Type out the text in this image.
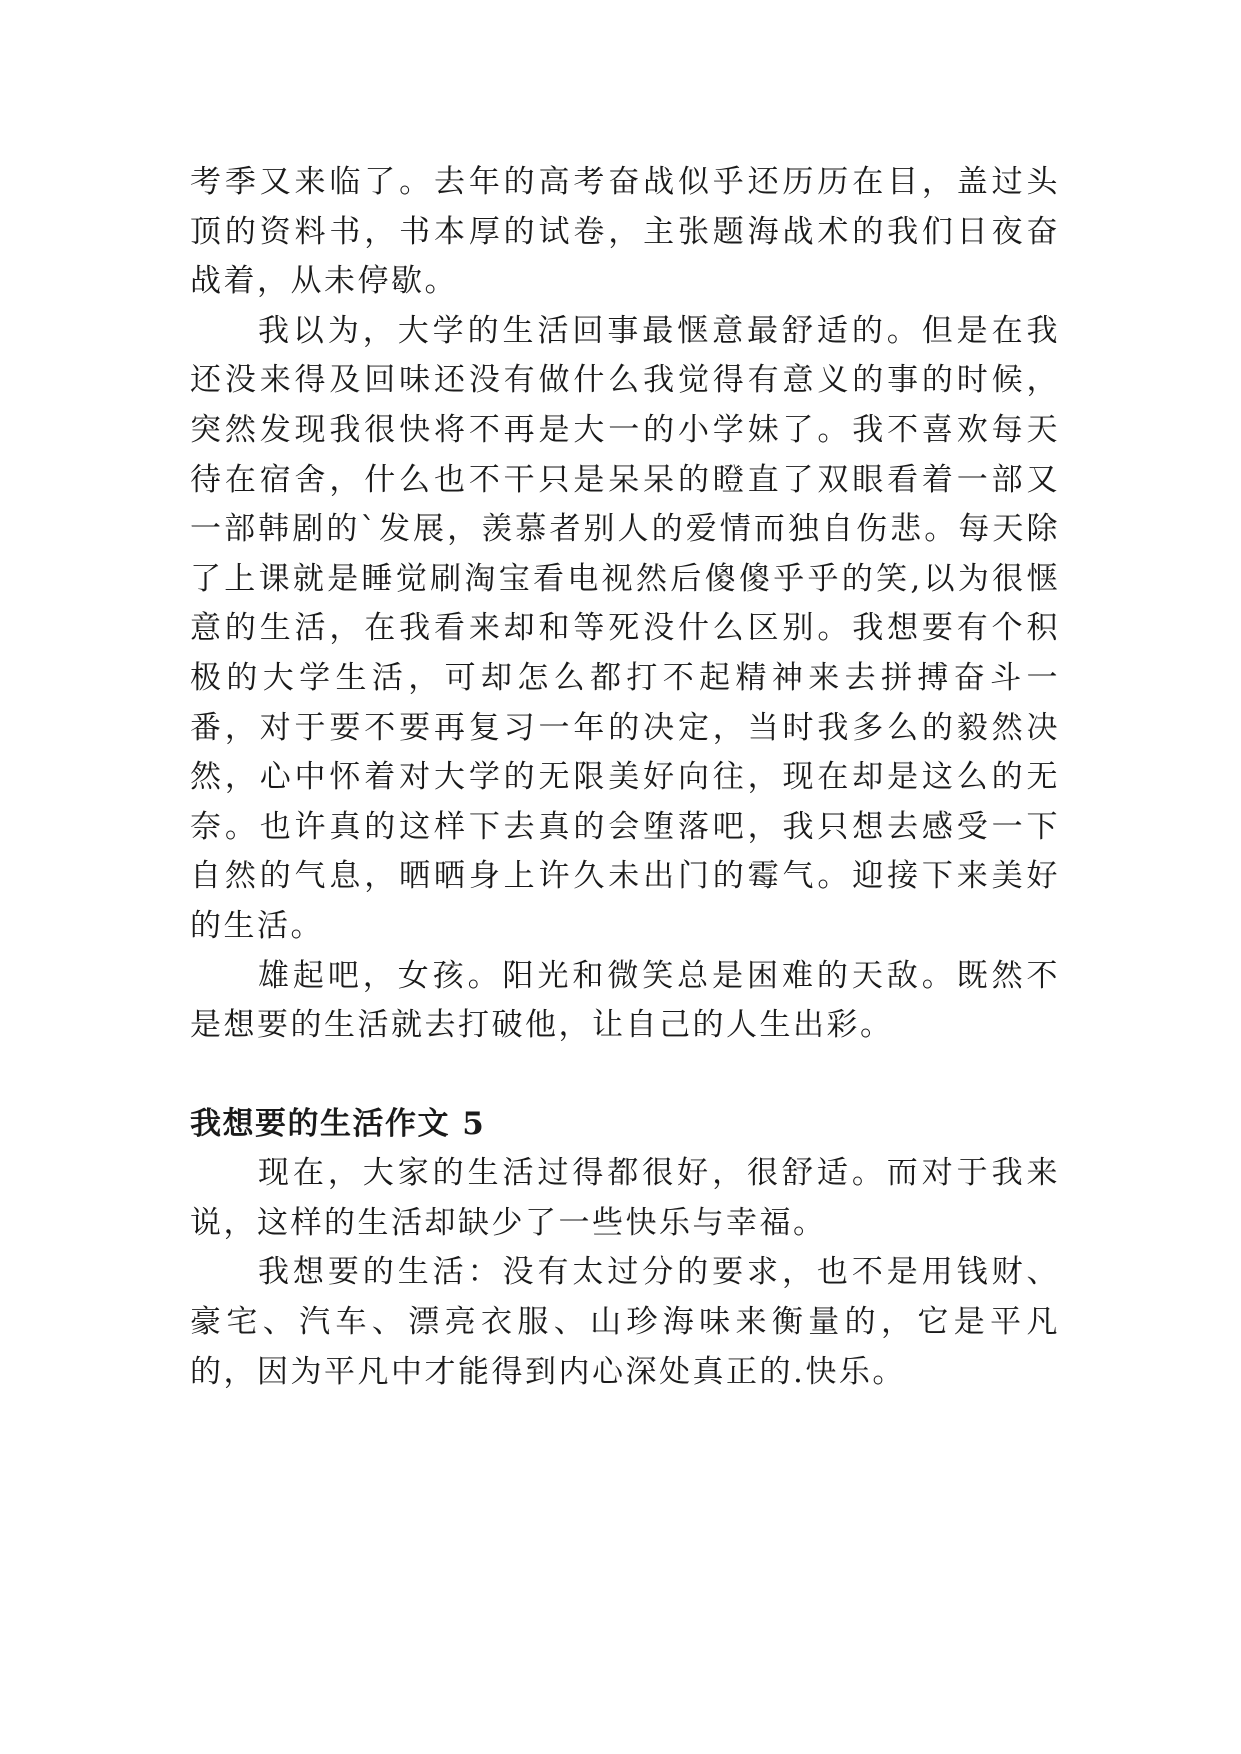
考季又来临了。去年的高考奋战似乎还历历在目，盖过头顶的资料书，书本厚的试卷，主张题海战术的我们日夜奋战着，从未停歇。

我以为，大学的生活回事最惬意最舒适的。但是在我还没来得及回味还没有做什么我觉得有意义的事的时候，突然发现我很快将不再是大一的小学妹了。我不喜欢每天待在宿舍，什么也不干只是呆呆的瞪直了双眼看着一部又一部韩剧的`发展，羡慕者别人的爱情而独自伤悲。每天除了上课就是睡觉刷淘宝看电视然后傻傻乎乎的笑,以为很惬意的生活，在我看来却和等死没什么区别。我想要有个积极的大学生活，可却怎么都打不起精神来去拼搏奋斗一番，对于要不要再复习一年的决定，当时我多么的毅然决然，心中怀着对大学的无限美好向往，现在却是这么的无奈。也许真的这样下去真的会堕落吧，我只想去感受一下自然的气息，晒晒身上许久未出门的霉气。迎接下来美好的生活。

雄起吧，女孩。阳光和微笑总是困难的天敌。既然不是想要的生活就去打破他，让自己的人生出彩。

我想要的生活作文 5

现在，大家的生活过得都很好，很舒适。而对于我来说，这样的生活却缺少了一些快乐与幸福。

我想要的生活：没有太过分的要求，也不是用钱财、豪宅、汽车、漂亮衣服、山珍海味来衡量的，它是平凡的，因为平凡中才能得到内心深处真正的.快乐。
